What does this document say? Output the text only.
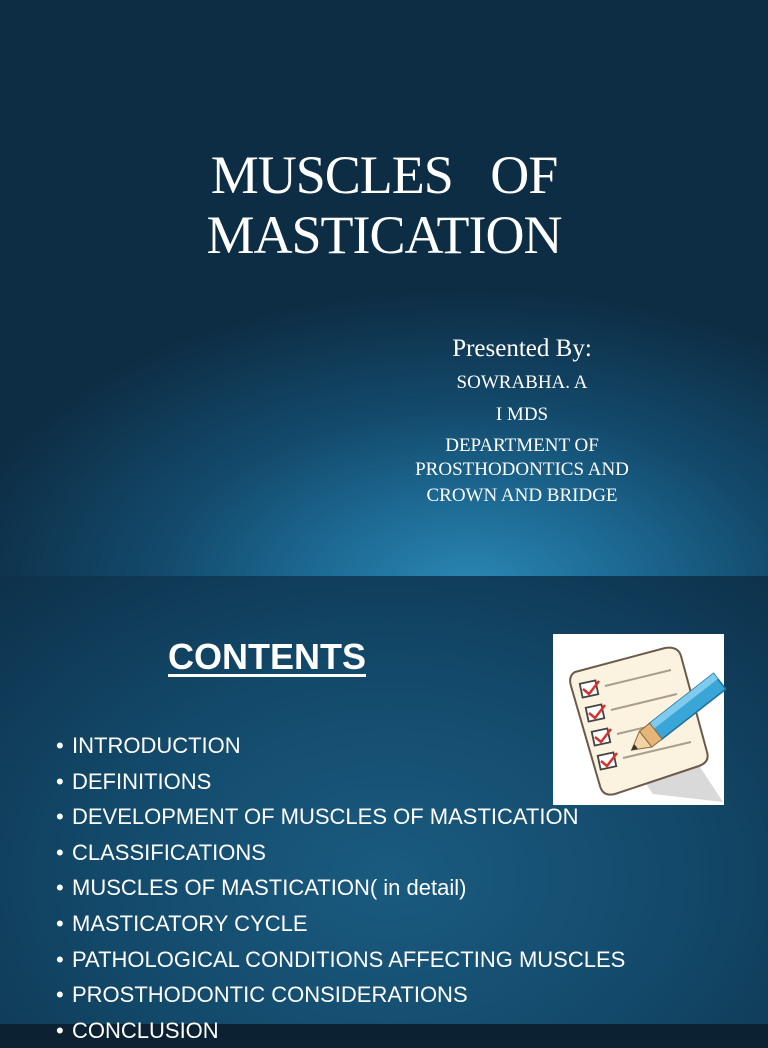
MUSCLES   OF
MASTICATION
Presented By:
SOWRABHA. A
I MDS
DEPARTMENT OF
PROSTHODONTICS AND
CROWN AND BRIDGE
CONTENTS
• INTRODUCTION
• DEFINITIONS
• DEVELOPMENT OF MUSCLES OF MASTICATION
• CLASSIFICATIONS
• MUSCLES OF MASTICATION( in detail)
• MASTICATORY CYCLE
• PATHOLOGICAL CONDITIONS AFFECTING MUSCLES
• PROSTHODONTIC CONSIDERATIONS
• CONCLUSION
